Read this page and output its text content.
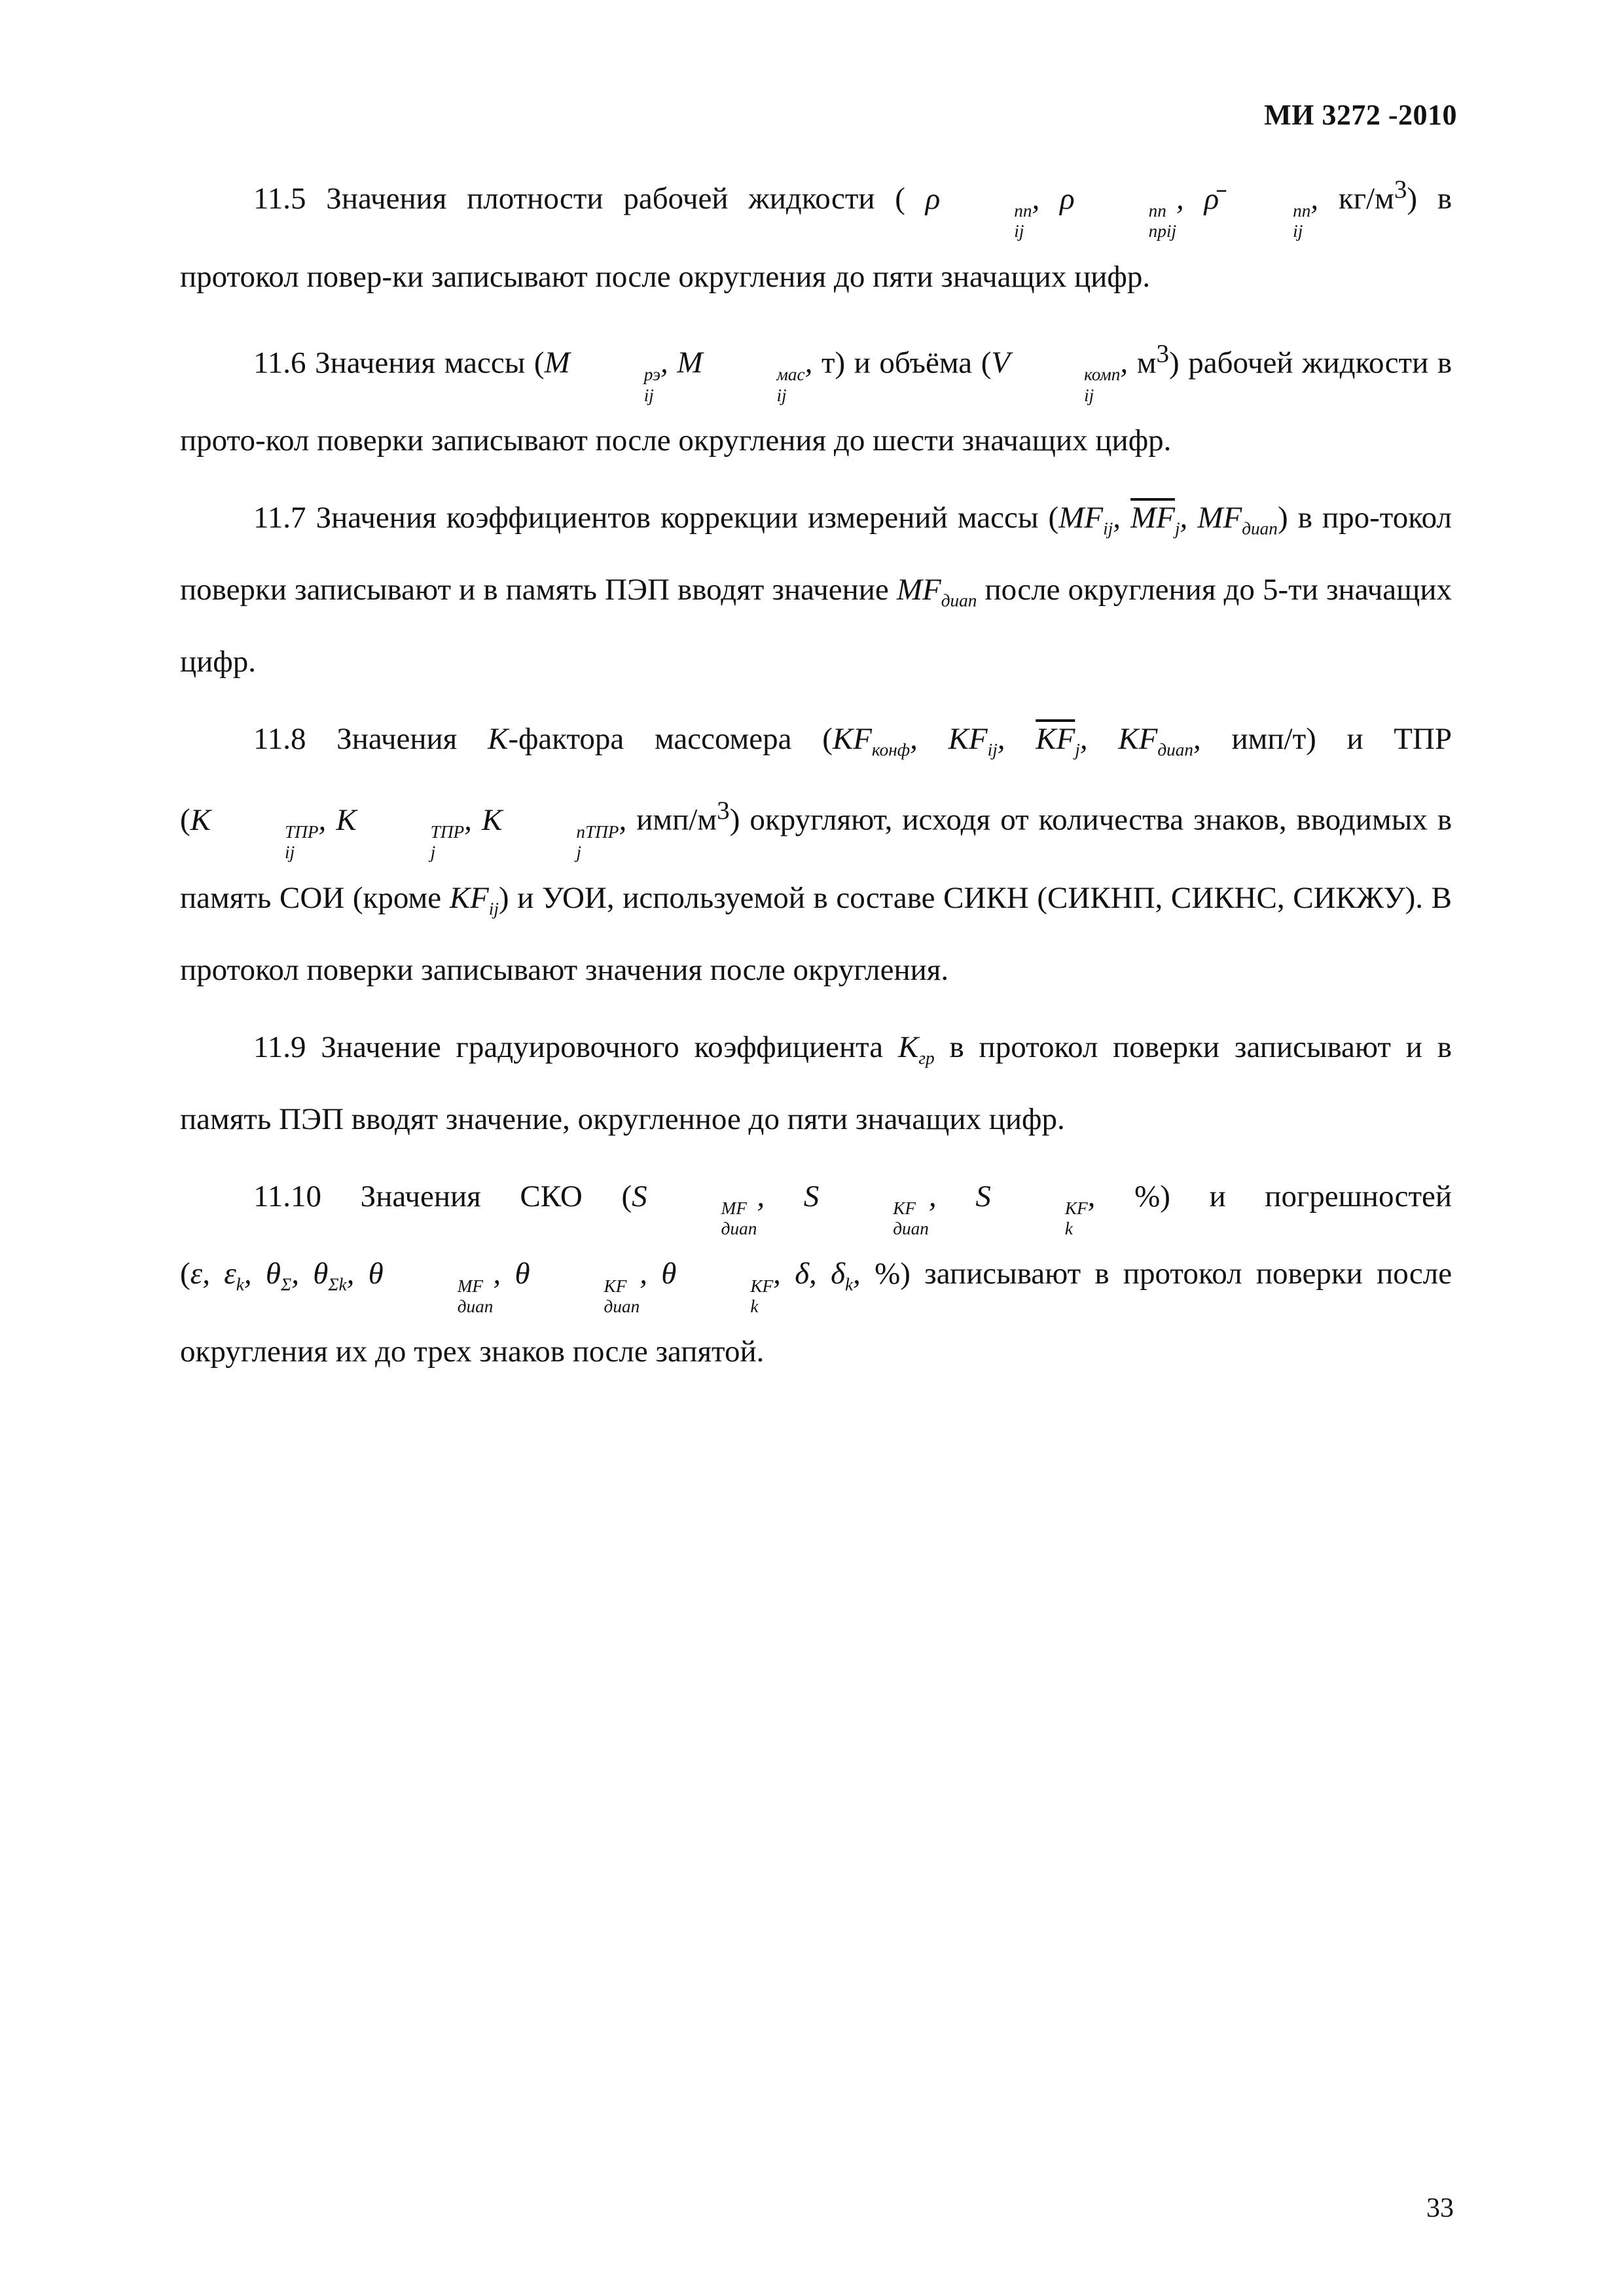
МИ 3272 -2010

11.5 Значения плотности рабочей жидкости ( ρ	пп
ij
, ρ	пп
прij
, ρ̄	пп
ij
, $кг/м^3$) в протокол повер-ки записывают после округления до пяти значащих цифр.

11.6 Значения массы (M	рэ
ij
, M	мас
ij
, т) и объёма (V	комп
ij
, $м^3$) рабочей жидкости в прото-кол поверки записывают после округления до шести значащих цифр.

11.7 Значения коэффициентов коррекции измерений массы ($MF_{ij}$, $\overline{MF}_j$, $MF_{диап}$) в про-токол поверки записывают и в память ПЭП вводят значение $MF_{диап}$ после округления до 5-ти значащих цифр.

11.8 Значения K-фактора массомера ($KF_{конф}$, $KF_{ij}$, $\overline{KF}_j$, $KF_{диап}$, имп/т) и ТПР (K	ТПР
ij
, K	ТПР
j
, K	пТПР
j
, имп/$м^3$) округляют, исходя от количества знаков, вводимых в память СОИ (кроме $KF_{ij}$) и УОИ, используемой в составе СИКН (СИКНП, СИКНС, СИКЖУ). В протокол поверки записывают значения после округления.

11.9 Значение градуировочного коэффициента $K_{гр}$ в протокол поверки записывают и в память ПЭП вводят значение, округленное до пяти значащих цифр.

11.10 Значения СКО (S	MF
диап
, S	KF
диап
, S	KF
k
, %) и погрешностей (ε, $\varepsilon_k$, $\theta_\Sigma$, $\theta_{\Sigma k}$, θ	MF
диап
, θ	KF
диап
, θ	KF
k
, δ, $\delta_k$, %) записывают в протокол поверки после округления их до трех знаков после запятой.

33
